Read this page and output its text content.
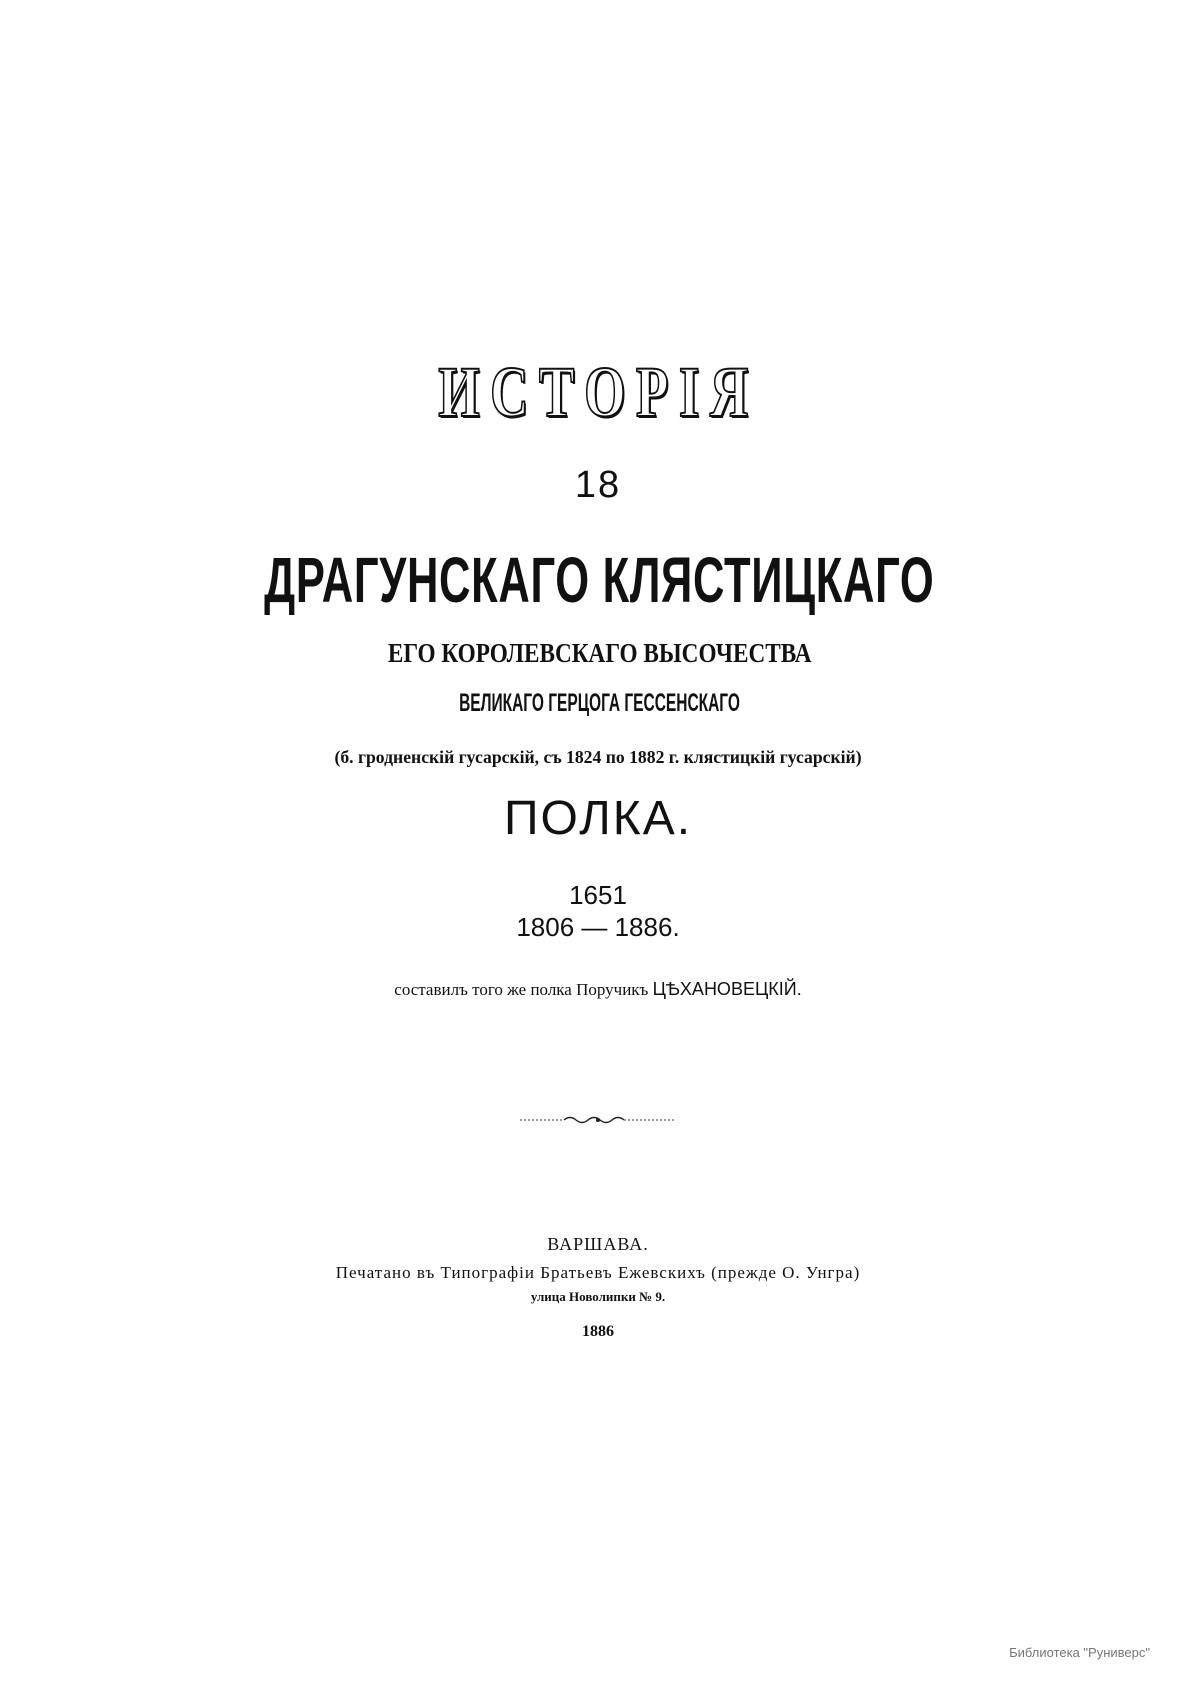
ИСТОРІЯ
18
ДРАГУНСКАГО КЛЯСТИЦКАГО
ЕГО КОРОЛЕВСКАГО ВЫСОЧЕСТВА
ВЕЛИКАГО ГЕРЦОГА ГЕССЕНСКАГО
(б. гродненскій гусарскій, съ 1824 по 1882 г. клястицкій гусарскій)
ПОЛКА.
1651
1806 — 1886.
составилъ того же полка Поручикъ ЦѢХАНОВЕЦКІЙ.
ВАРШАВА.
Печатано въ Типографіи Братьевъ Ежевскихъ (прежде О. Унгра)
улица Новолипки № 9.
1886
Библиотека "Руниверс"
